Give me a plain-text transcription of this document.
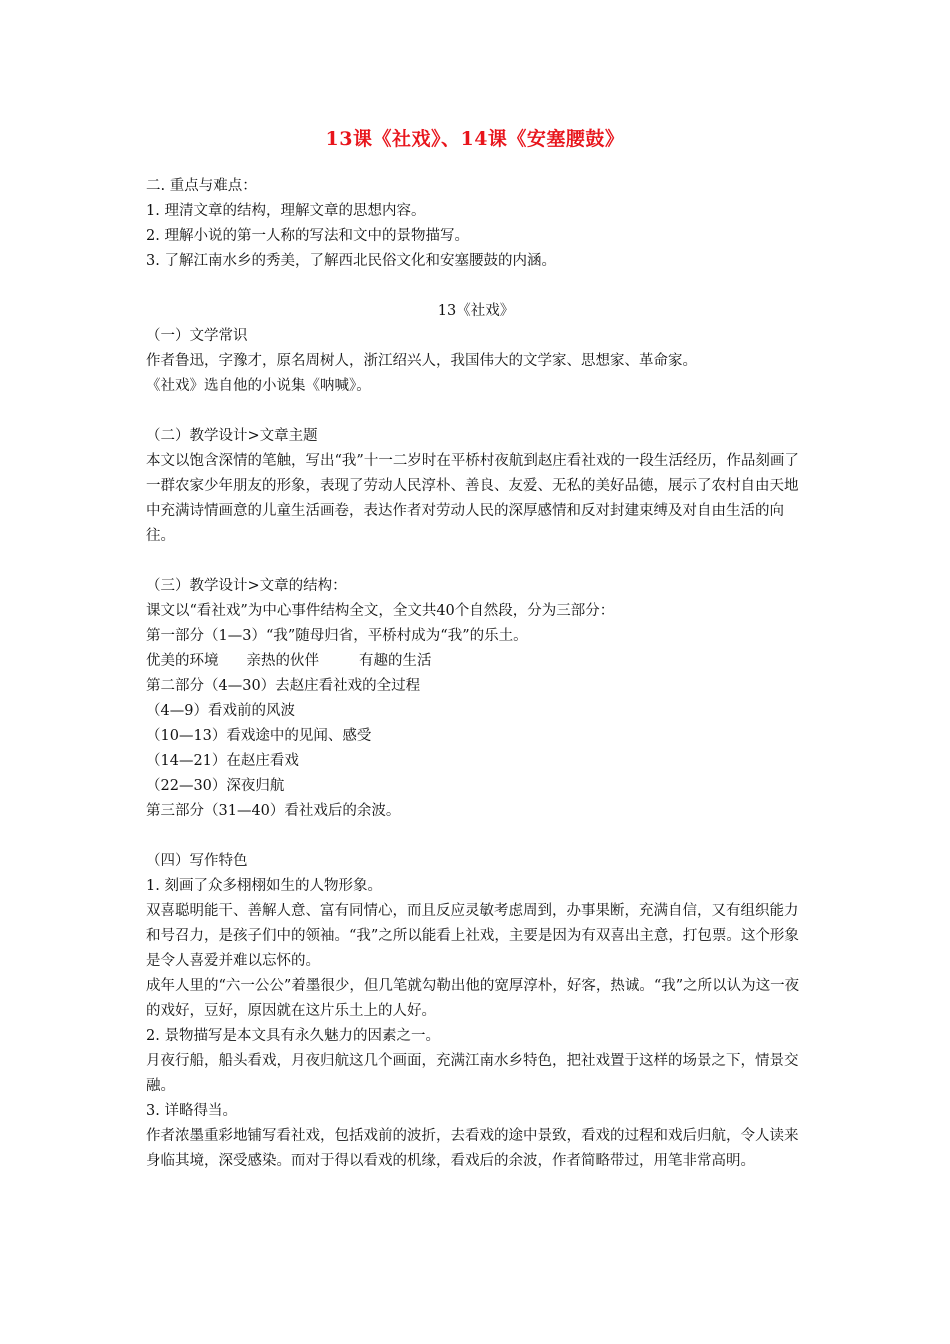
13课《社戏》、14课《安塞腰鼓》

二. 重点与难点：

1. 理清文章的结构，理解文章的思想内容。

2. 理解小说的第一人称的写法和文中的景物描写。

3. 了解江南水乡的秀美，了解西北民俗文化和安塞腰鼓的内涵。

13《社戏》

（一）文学常识

作者鲁迅，字豫才，原名周树人，浙江绍兴人，我国伟大的文学家、思想家、革命家。

《社戏》选自他的小说集《呐喊》。

（二）教学设计>文章主题

本文以饱含深情的笔触，写出“我”十一二岁时在平桥村夜航到赵庄看社戏的一段生活经历，作品刻画了一群农家少年朋友的形象，表现了劳动人民淳朴、善良、友爱、无私的美好品德，展示了农村自由天地中充满诗情画意的儿童生活画卷，表达作者对劳动人民的深厚感情和反对封建束缚及对自由生活的向往。

（三）教学设计>文章的结构：

课文以“看社戏”为中心事件结构全文，全文共40个自然段，分为三部分：

第一部分（1—3）“我”随母归省，平桥村成为“我”的乐土。

优美的环境 亲热的伙伴	有趣的生活

第二部分（4—30）去赵庄看社戏的全过程

（4—9）看戏前的风波

（10—13）看戏途中的见闻、感受

（14—21）在赵庄看戏

（22—30）深夜归航

第三部分（31—40）看社戏后的余波。

（四）写作特色

1. 刻画了众多栩栩如生的人物形象。

双喜聪明能干、善解人意、富有同情心，而且反应灵敏考虑周到，办事果断，充满自信，又有组织能力和号召力，是孩子们中的领袖。“我”之所以能看上社戏，主要是因为有双喜出主意，打包票。这个形象是令人喜爱并难以忘怀的。

成年人里的“六一公公”着墨很少，但几笔就勾勒出他的宽厚淳朴，好客，热诚。“我”之所以认为这一夜的戏好，豆好，原因就在这片乐土上的人好。

2. 景物描写是本文具有永久魅力的因素之一。

月夜行船，船头看戏，月夜归航这几个画面，充满江南水乡特色，把社戏置于这样的场景之下，情景交融。

3. 详略得当。

作者浓墨重彩地铺写看社戏，包括戏前的波折，去看戏的途中景致，看戏的过程和戏后归航，令人读来身临其境，深受感染。而对于得以看戏的机缘，看戏后的余波，作者简略带过，用笔非常高明。
